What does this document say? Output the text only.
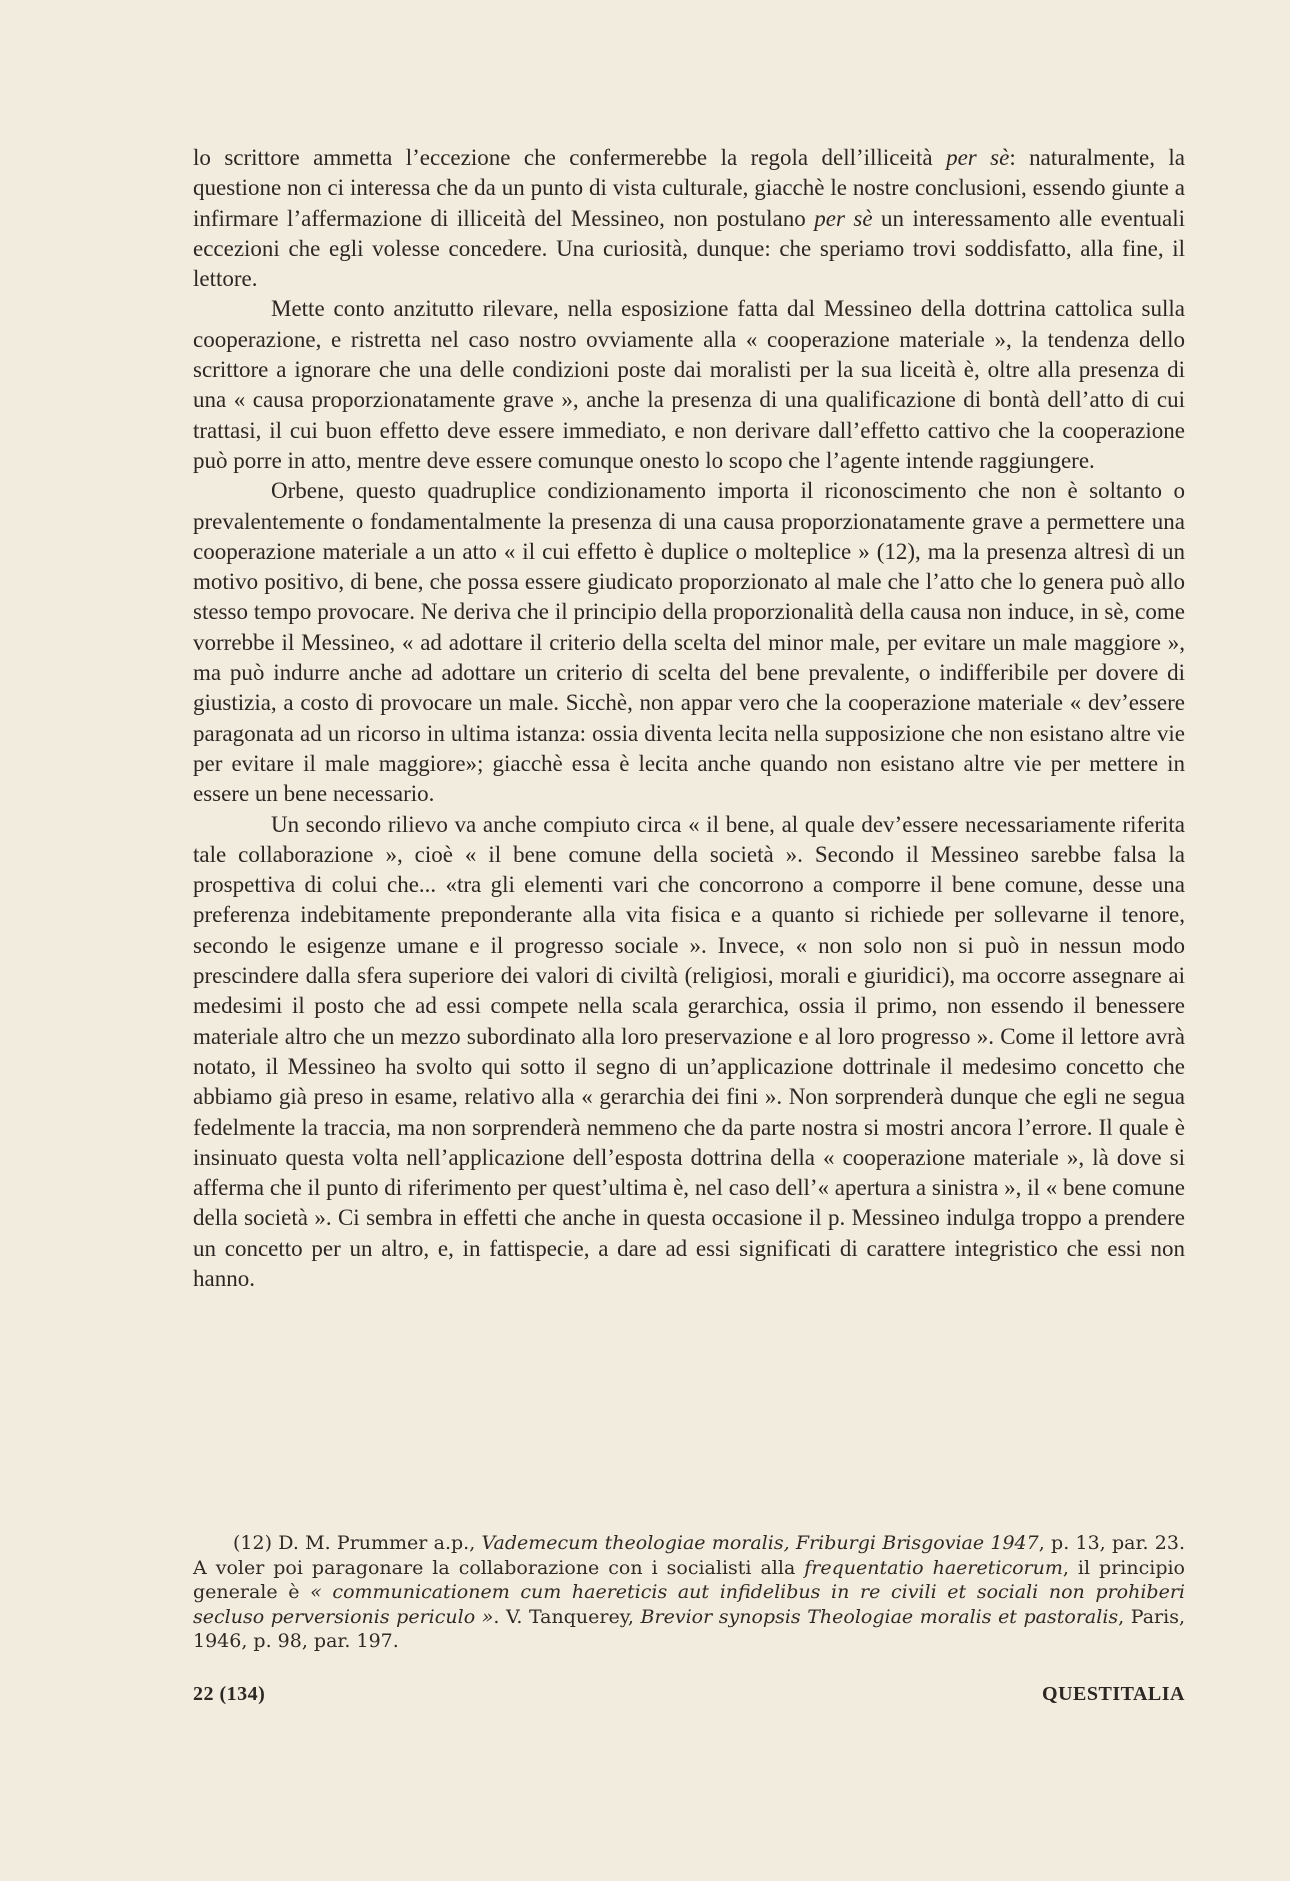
lo scrittore ammetta l’eccezione che confermerebbe la regola dell’illiceità per sè: naturalmente, la questione non ci interessa che da un punto di vista culturale, giacchè le nostre conclusioni, essendo giunte a infirmare l’affermazione di illiceità del Messineo, non postulano per sè un interessamento alle eventuali eccezioni che egli volesse concedere. Una curiosità, dunque: che speriamo trovi soddisfatto, alla fine, il lettore.

Mette conto anzitutto rilevare, nella esposizione fatta dal Messineo della dottrina cattolica sulla cooperazione, e ristretta nel caso nostro ovviamente alla « cooperazione materiale », la tendenza dello scrittore a ignorare che una delle condizioni poste dai moralisti per la sua liceità è, oltre alla presenza di una « causa proporzionatamente grave », anche la presenza di una qualificazione di bontà dell’atto di cui trattasi, il cui buon effetto deve essere immediato, e non derivare dall’effetto cattivo che la cooperazione può porre in atto, mentre deve essere comunque onesto lo scopo che l’agente intende raggiungere.

Orbene, questo quadruplice condizionamento importa il riconoscimento che non è soltanto o prevalentemente o fondamentalmente la presenza di una causa proporzionatamente grave a permettere una cooperazione materiale a un atto « il cui effetto è duplice o molteplice » (12), ma la presenza altresì di un motivo positivo, di bene, che possa essere giudicato proporzionato al male che l’atto che lo genera può allo stesso tempo provocare. Ne deriva che il principio della proporzionalità della causa non induce, in sè, come vorrebbe il Messineo, « ad adottare il criterio della scelta del minor male, per evitare un male maggiore », ma può indurre anche ad adottare un criterio di scelta del bene prevalente, o indifferibile per dovere di giustizia, a costo di provocare un male. Sicchè, non appar vero che la cooperazione materiale « dev’essere paragonata ad un ricorso in ultima istanza: ossia diventa lecita nella supposizione che non esistano altre vie per evitare il male maggiore»; giacchè essa è lecita anche quando non esistano altre vie per mettere in essere un bene necessario.

Un secondo rilievo va anche compiuto circa « il bene, al quale dev’essere necessariamente riferita tale collaborazione », cioè « il bene comune della società ». Secondo il Messineo sarebbe falsa la prospettiva di colui che... «tra gli elementi vari che concorrono a comporre il bene comune, desse una preferenza indebitamente preponderante alla vita fisica e a quanto si richiede per sollevarne il tenore, secondo le esigenze umane e il progresso sociale ». Invece, « non solo non si può in nessun modo prescindere dalla sfera superiore dei valori di civiltà (religiosi, morali e giuridici), ma occorre assegnare ai medesimi il posto che ad essi compete nella scala gerarchica, ossia il primo, non essendo il benessere materiale altro che un mezzo subordinato alla loro preservazione e al loro progresso ». Come il lettore avrà notato, il Messineo ha svolto qui sotto il segno di un’applicazione dottrinale il medesimo concetto che abbiamo già preso in esame, relativo alla « gerarchia dei fini ». Non sorprenderà dunque che egli ne segua fedelmente la traccia, ma non sorprenderà nemmeno che da parte nostra si mostri ancora l’errore. Il quale è insinuato questa volta nell’applicazione dell’esposta dottrina della « cooperazione materiale », là dove si afferma che il punto di riferimento per quest’ultima è, nel caso dell’« apertura a sinistra », il « bene comune della società ». Ci sembra in effetti che anche in questa occasione il p. Messineo indulga troppo a prendere un concetto per un altro, e, in fattispecie, a dare ad essi significati di carattere integristico che essi non hanno.

(12) D. M. Prummer a.p., Vademecum theologiae moralis, Friburgi Brisgoviae 1947, p. 13, par. 23. A voler poi paragonare la collaborazione con i socialisti alla frequentatio haereticorum, il principio generale è « communicationem cum haereticis aut infidelibus in re civili et sociali non prohiberi secluso perversionis periculo ». V. Tanquerey, Brevior synopsis Theologiae moralis et pastoralis, Paris, 1946, p. 98, par. 197.

22 (134)	QUESTITALIA
